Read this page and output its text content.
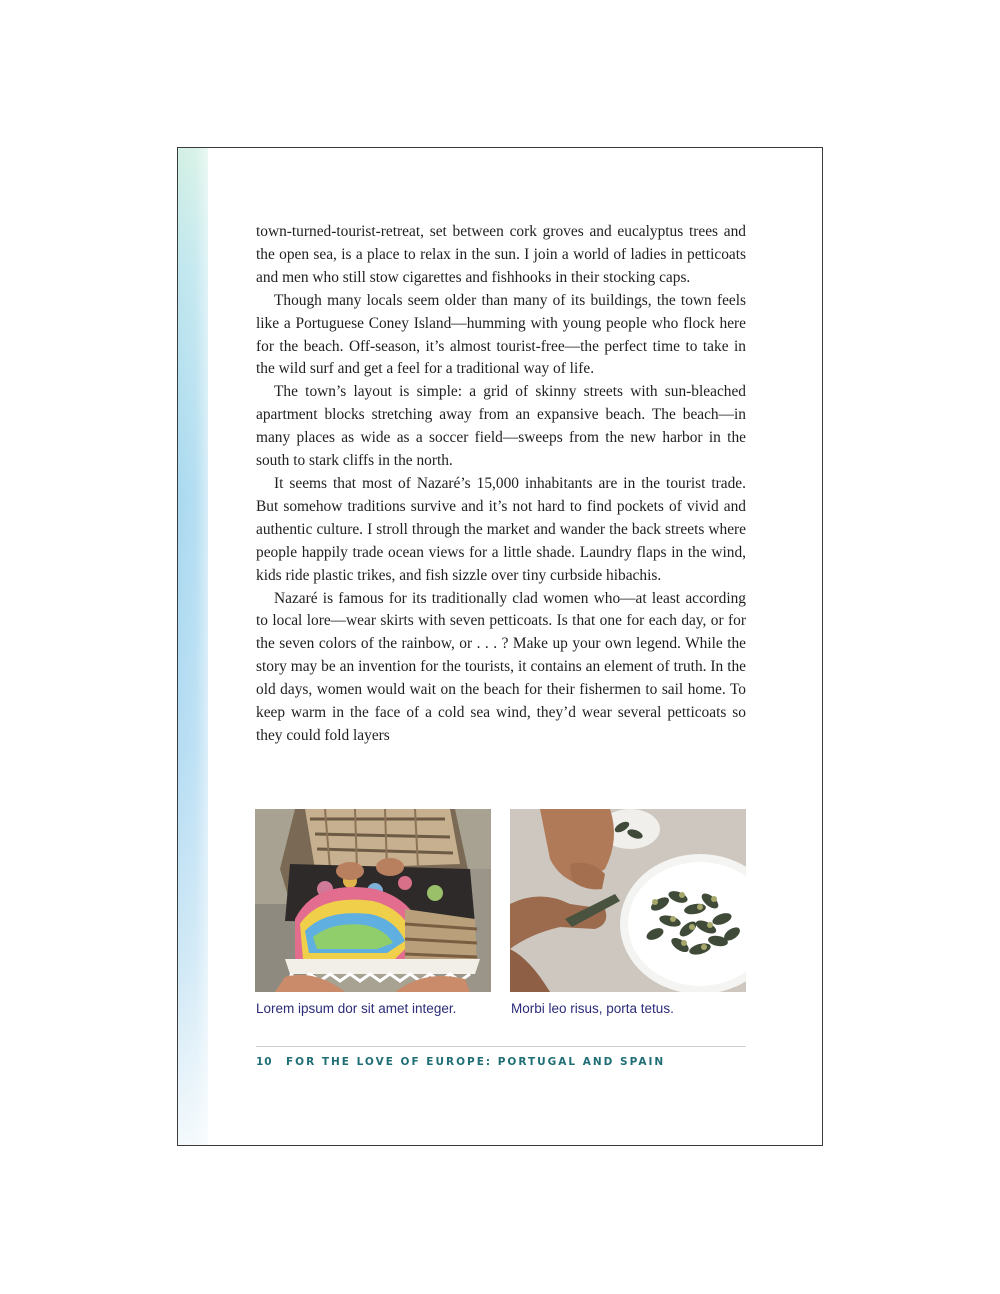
town-turned-tourist-retreat, set between cork groves and eucalyptus trees and the open sea, is a place to relax in the sun. I join a world of ladies in petticoats and men who still stow cigarettes and fishhooks in their stocking caps.

Though many locals seem older than many of its buildings, the town feels like a Portuguese Coney Island—humming with young people who flock here for the beach. Off-season, it’s almost tourist-free—the perfect time to take in the wild surf and get a feel for a traditional way of life.

The town’s layout is simple: a grid of skinny streets with sun-bleached apartment blocks stretching away from an expansive beach. The beach—in many places as wide as a soccer field—sweeps from the new harbor in the south to stark cliffs in the north.

It seems that most of Nazaré’s 15,000 inhabitants are in the tourist trade. But somehow traditions survive and it’s not hard to find pockets of vivid and authentic culture. I stroll through the market and wander the back streets where people happily trade ocean views for a little shade. Laundry flaps in the wind, kids ride plastic trikes, and fish sizzle over tiny curbside hibachis.

Nazaré is famous for its traditionally clad women who—at least according to local lore—wear skirts with seven petticoats. Is that one for each day, or for the seven colors of the rainbow, or . . . ? Make up your own legend. While the story may be an invention for the tourists, it contains an element of truth. In the old days, women would wait on the beach for their fishermen to sail home. To keep warm in the face of a cold sea wind, they’d wear several petticoats so they could fold layers

Lorem ipsum dor sit amet integer.	Morbi leo risus, porta tetus.
10 FOR THE LOVE OF EUROPE: PORTUGAL AND SPAIN
